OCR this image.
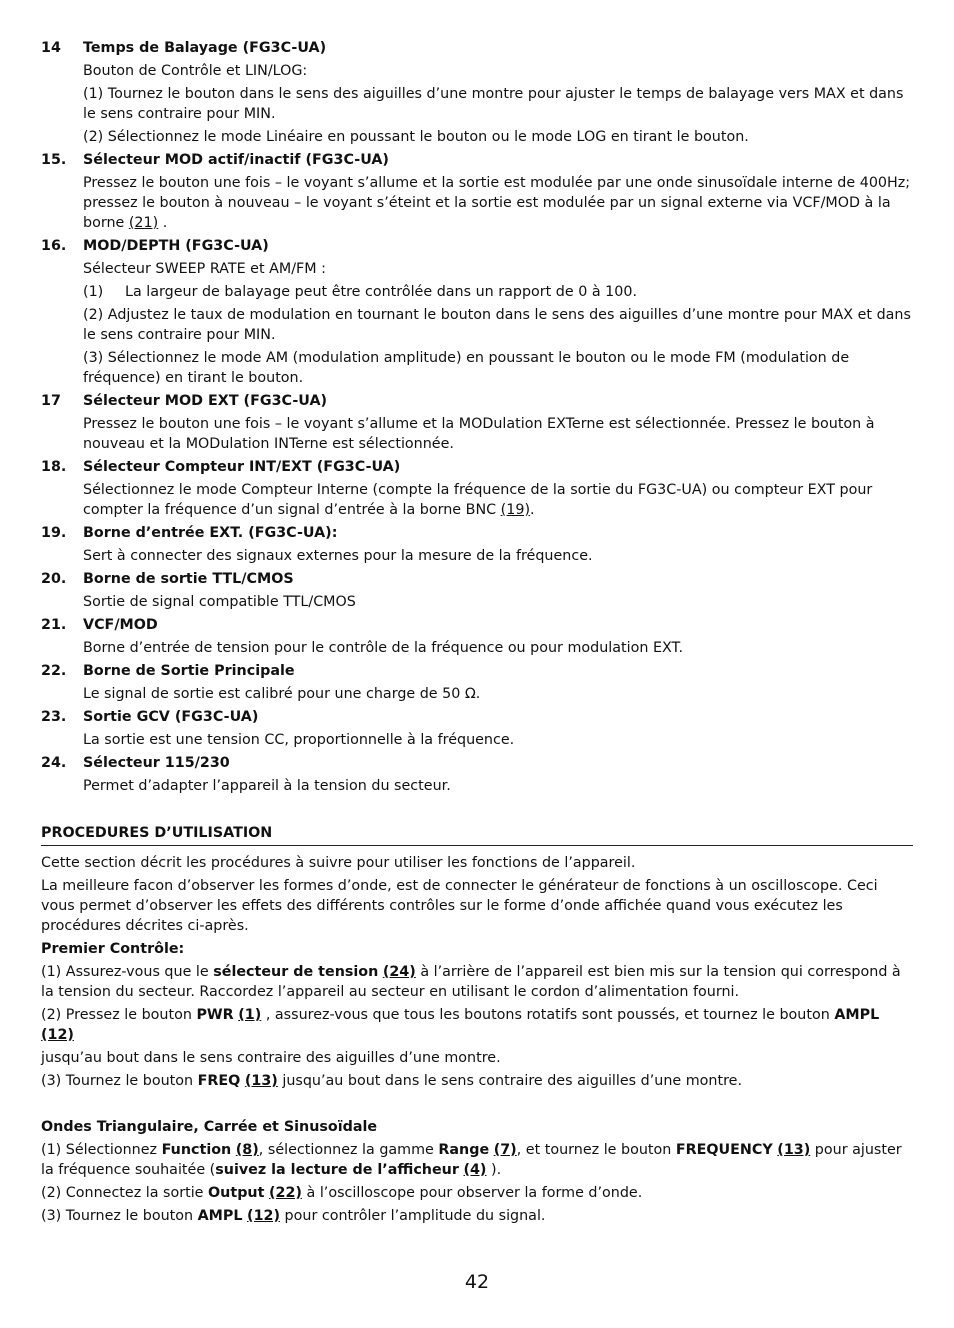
14	Temps de Balayage (FG3C-UA)
Bouton de Contrôle et LIN/LOG:
(1) Tournez le bouton dans le sens des aiguilles d’une montre pour ajuster le temps de balayage vers MAX et dans le sens contraire pour MIN.
(2) Sélectionnez le mode Linéaire en poussant le bouton ou le mode LOG en tirant le bouton.
15.	Sélecteur MOD actif/inactif (FG3C-UA)
Pressez le bouton une fois – le voyant s’allume et la sortie est modulée par une onde sinusoïdale interne de 400Hz; pressez le bouton à nouveau – le voyant s’éteint et la sortie est modulée par un signal externe via VCF/MOD à la borne (21) .
16.	MOD/DEPTH (FG3C-UA)
Sélecteur SWEEP RATE et AM/FM :
(1)	La largeur de balayage peut être contrôlée dans un rapport de 0 à 100.
(2) Adjustez le taux de modulation en tournant le bouton dans le sens des aiguilles d’une montre pour MAX et dans le sens contraire pour MIN.
(3) Sélectionnez le mode AM (modulation amplitude) en poussant le bouton ou le mode FM (modulation de fréquence) en tirant le bouton.
17	Sélecteur MOD EXT (FG3C-UA)
Pressez le bouton une fois – le voyant s’allume et la MODulation EXTerne est sélectionnée. Pressez le bouton à nouveau et la MODulation INTerne est sélectionnée.
18.	Sélecteur Compteur INT/EXT (FG3C-UA)
Sélectionnez le mode Compteur Interne (compte la fréquence de la sortie du FG3C-UA) ou compteur EXT pour compter la fréquence d’un signal d’entrée à la borne BNC (19).
19.	Borne d’entrée EXT. (FG3C-UA):
Sert à connecter des signaux externes pour la mesure de la fréquence.
20.	Borne de sortie TTL/CMOS
Sortie de signal compatible TTL/CMOS
21.	VCF/MOD
Borne d’entrée de tension pour le contrôle de la fréquence ou pour modulation EXT.
22.	Borne de Sortie Principale
Le signal de sortie est calibré pour une charge de 50 Ω.
23.	Sortie GCV (FG3C-UA)
La sortie est une tension CC, proportionnelle à la fréquence.
24.	Sélecteur 115/230
Permet d’adapter l’appareil à la tension du secteur.
PROCEDURES D’UTILISATION
Cette section décrit les procédures à suivre pour utiliser les fonctions de l’appareil.
La meilleure facon d’observer les formes d’onde, est de connecter le générateur de fonctions à un oscilloscope. Ceci vous permet d’observer les effets des différents contrôles sur le forme d’onde affichée quand vous exécutez les procédures décrites ci-après.
Premier Contrôle:
(1) Assurez-vous que le sélecteur de tension (24) à l’arrière de l’appareil est bien mis sur la tension qui correspond à la tension du secteur. Raccordez l’appareil au secteur en utilisant le cordon d’alimentation fourni.
(2) Pressez le bouton PWR (1) , assurez-vous que tous les boutons rotatifs sont poussés, et tournez le bouton AMPL (12)
jusqu’au bout dans le sens contraire des aiguilles d’une montre.
(3) Tournez le bouton FREQ (13) jusqu’au bout dans le sens contraire des aiguilles d’une montre.
Ondes Triangulaire, Carrée et Sinusoïdale
(1) Sélectionnez Function (8), sélectionnez la gamme Range (7), et tournez le bouton FREQUENCY (13) pour ajuster la fréquence souhaitée (suivez la lecture de l’afficheur (4) ).
(2) Connectez la sortie Output (22) à l’oscilloscope pour observer la forme d’onde.
(3) Tournez le bouton AMPL (12) pour contrôler l’amplitude du signal.
42
